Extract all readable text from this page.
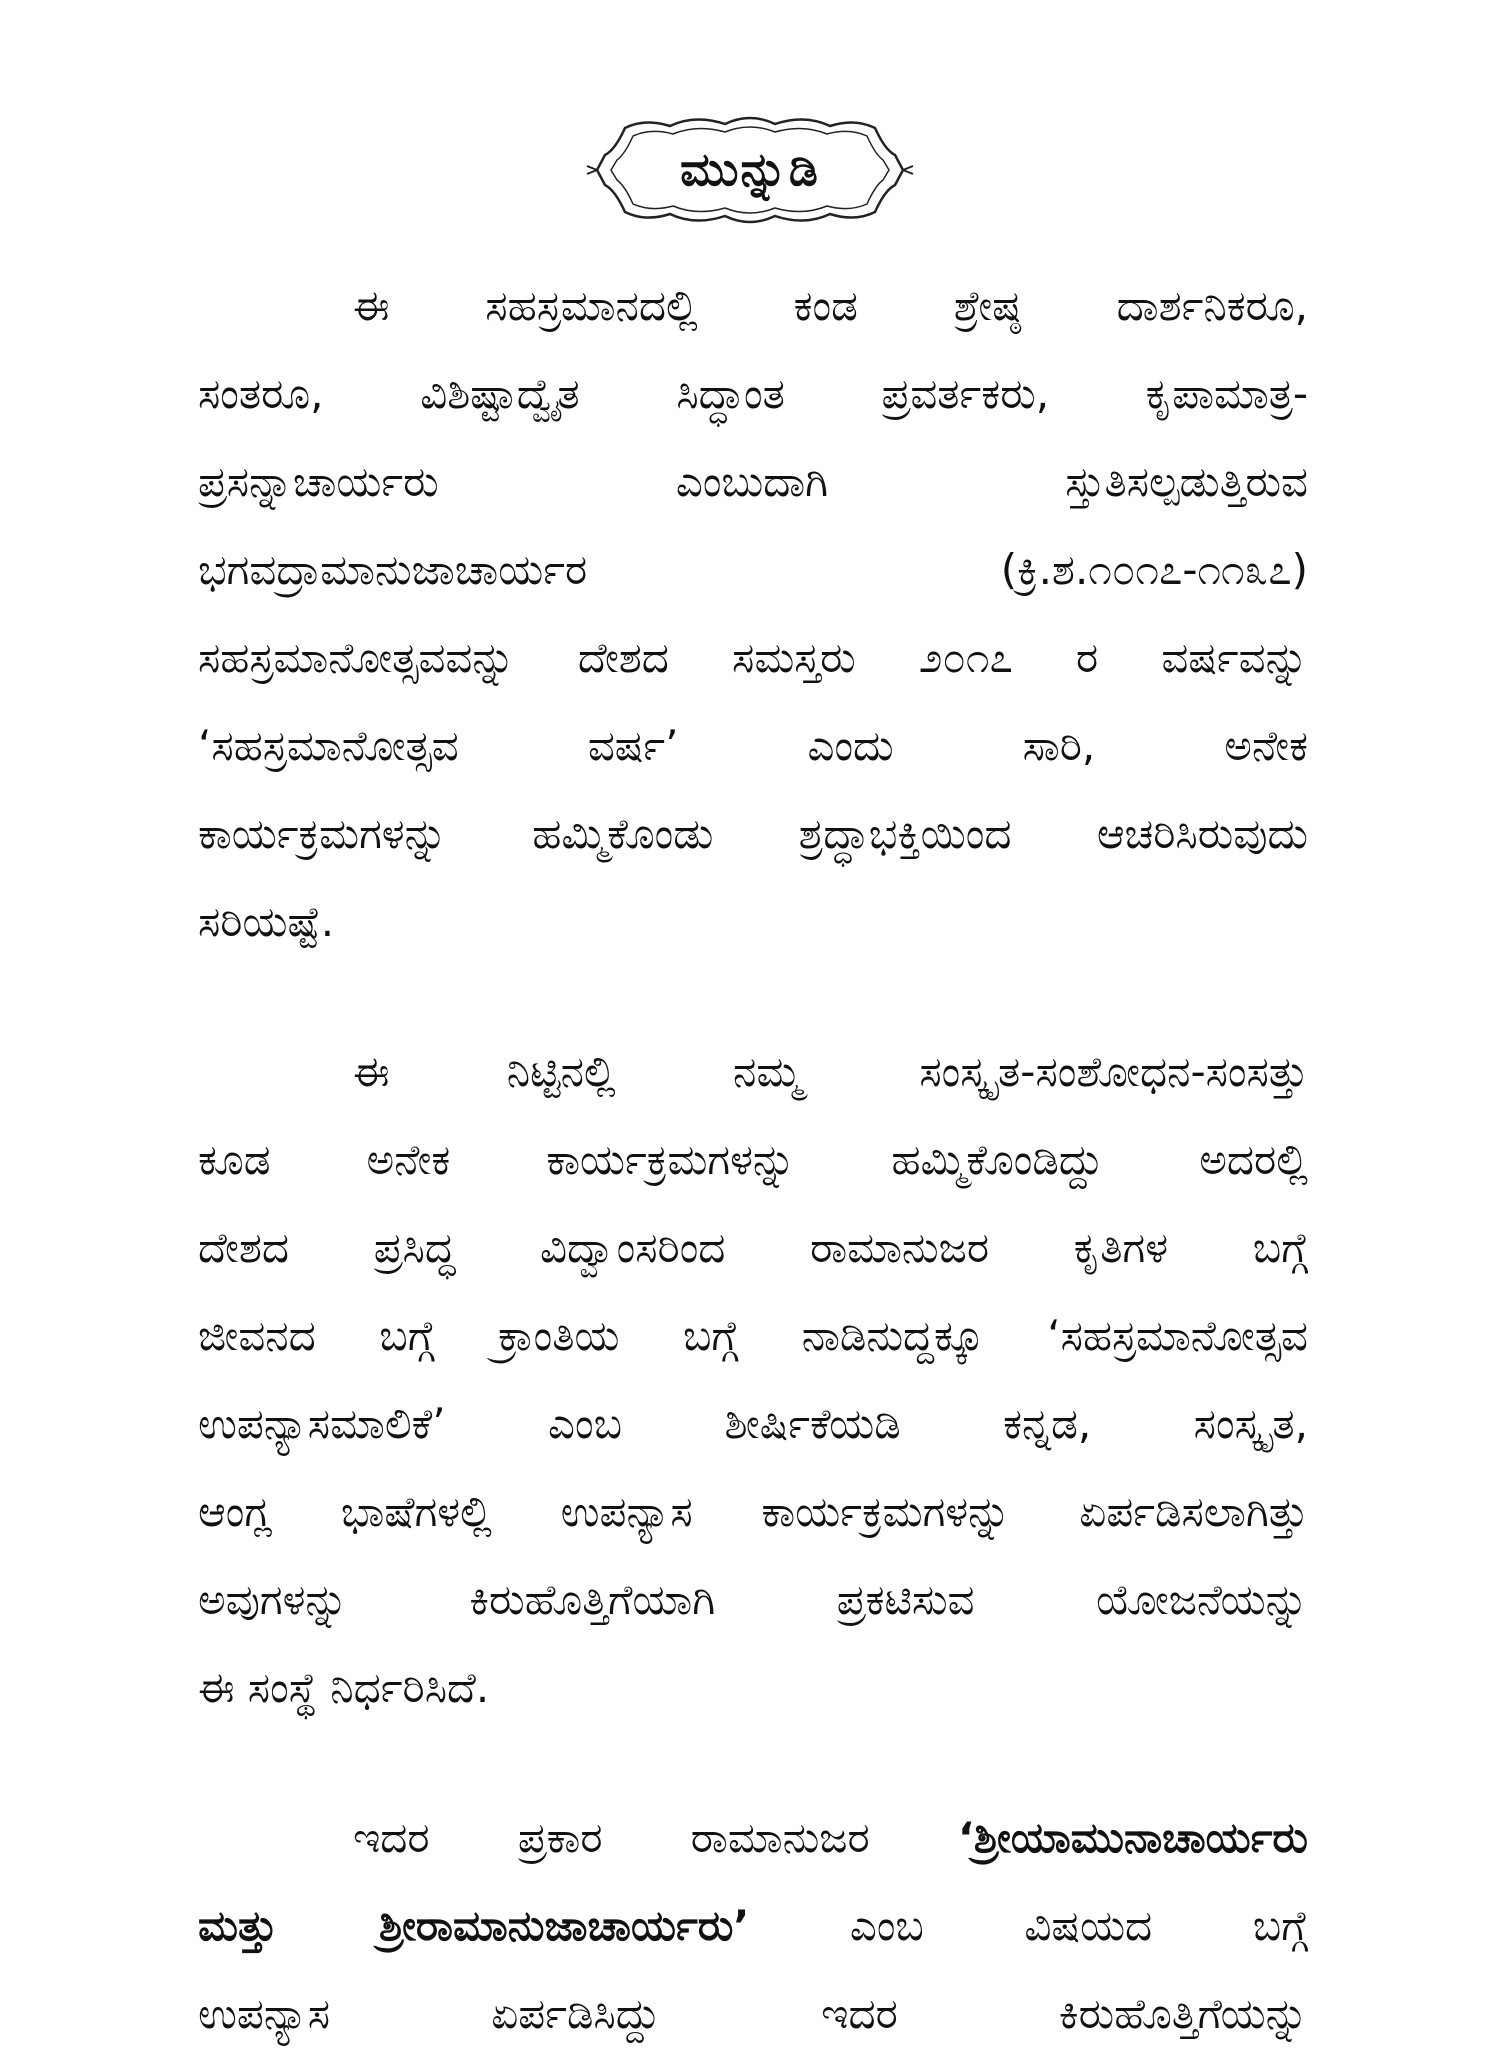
ಮುನ್ನುಡಿ
ಈ ಸಹಸ್ರಮಾನದಲ್ಲಿ ಕಂಡ ಶ್ರೇಷ್ಠ ದಾರ್ಶನಿಕರೂ,
ಸಂತರೂ, ವಿಶಿಷ್ಟಾದ್ವೈತ ಸಿದ್ಧಾಂತ ಪ್ರವರ್ತಕರು, ಕೃಪಾಮಾತ್ರ-
ಪ್ರಸನ್ನಾಚಾರ್ಯರು ಎಂಬುದಾಗಿ ಸ್ತುತಿಸಲ್ಪಡುತ್ತಿರುವ
ಭಗವದ್ರಾಮಾನುಜಾಚಾರ್ಯರ (ಕ್ರಿ.ಶ.೧೦೧೭-೧೧೩೭)
ಸಹಸ್ರಮಾನೋತ್ಸವವನ್ನು ದೇಶದ ಸಮಸ್ತರು ೨೦೧೭ ರ ವರ್ಷವನ್ನು
‘ಸಹಸ್ರಮಾನೋತ್ಸವ ವರ್ಷ’ ಎಂದು ಸಾರಿ, ಅನೇಕ
ಕಾರ್ಯಕ್ರಮಗಳನ್ನು ಹಮ್ಮಿಕೊಂಡು ಶ್ರದ್ಧಾಭಕ್ತಿಯಿಂದ ಆಚರಿಸಿರುವುದು
ಸರಿಯಷ್ಟೆ.
ಈ ನಿಟ್ಟಿನಲ್ಲಿ ನಮ್ಮ ಸಂಸ್ಕೃತ-ಸಂಶೋಧನ-ಸಂಸತ್ತು
ಕೂಡ ಅನೇಕ ಕಾರ್ಯಕ್ರಮಗಳನ್ನು ಹಮ್ಮಿಕೊಂಡಿದ್ದು ಅದರಲ್ಲಿ
ದೇಶದ ಪ್ರಸಿದ್ಧ ವಿದ್ವಾಂಸರಿಂದ ರಾಮಾನುಜರ ಕೃತಿಗಳ ಬಗ್ಗೆ
ಜೀವನದ ಬಗ್ಗೆ ಕ್ರಾಂತಿಯ ಬಗ್ಗೆ ನಾಡಿನುದ್ದಕ್ಕೂ ‘ಸಹಸ್ರಮಾನೋತ್ಸವ
ಉಪನ್ಯಾಸಮಾಲಿಕೆ’ ಎಂಬ ಶೀರ್ಷಿಕೆಯಡಿ ಕನ್ನಡ, ಸಂಸ್ಕೃತ,
ಆಂಗ್ಲ ಭಾಷೆಗಳಲ್ಲಿ ಉಪನ್ಯಾಸ ಕಾರ್ಯಕ್ರಮಗಳನ್ನು ಏರ್ಪಡಿಸಲಾಗಿತ್ತು
ಅವುಗಳನ್ನು ಕಿರುಹೊತ್ತಿಗೆಯಾಗಿ ಪ್ರಕಟಿಸುವ ಯೋಜನೆಯನ್ನು
ಈ ಸಂಸ್ಥೆ ನಿರ್ಧರಿಸಿದೆ.
ಇದರ ಪ್ರಕಾರ ರಾಮಾನುಜರ ‘ಶ್ರೀಯಾಮುನಾಚಾರ್ಯರು
ಮತ್ತು ಶ್ರೀರಾಮಾನುಜಾಚಾರ್ಯರು’ ಎಂಬ ವಿಷಯದ ಬಗ್ಗೆ
ಉಪನ್ಯಾಸ ಏರ್ಪಡಿಸಿದ್ದು ಇದರ ಕಿರುಹೊತ್ತಿಗೆಯನ್ನು
